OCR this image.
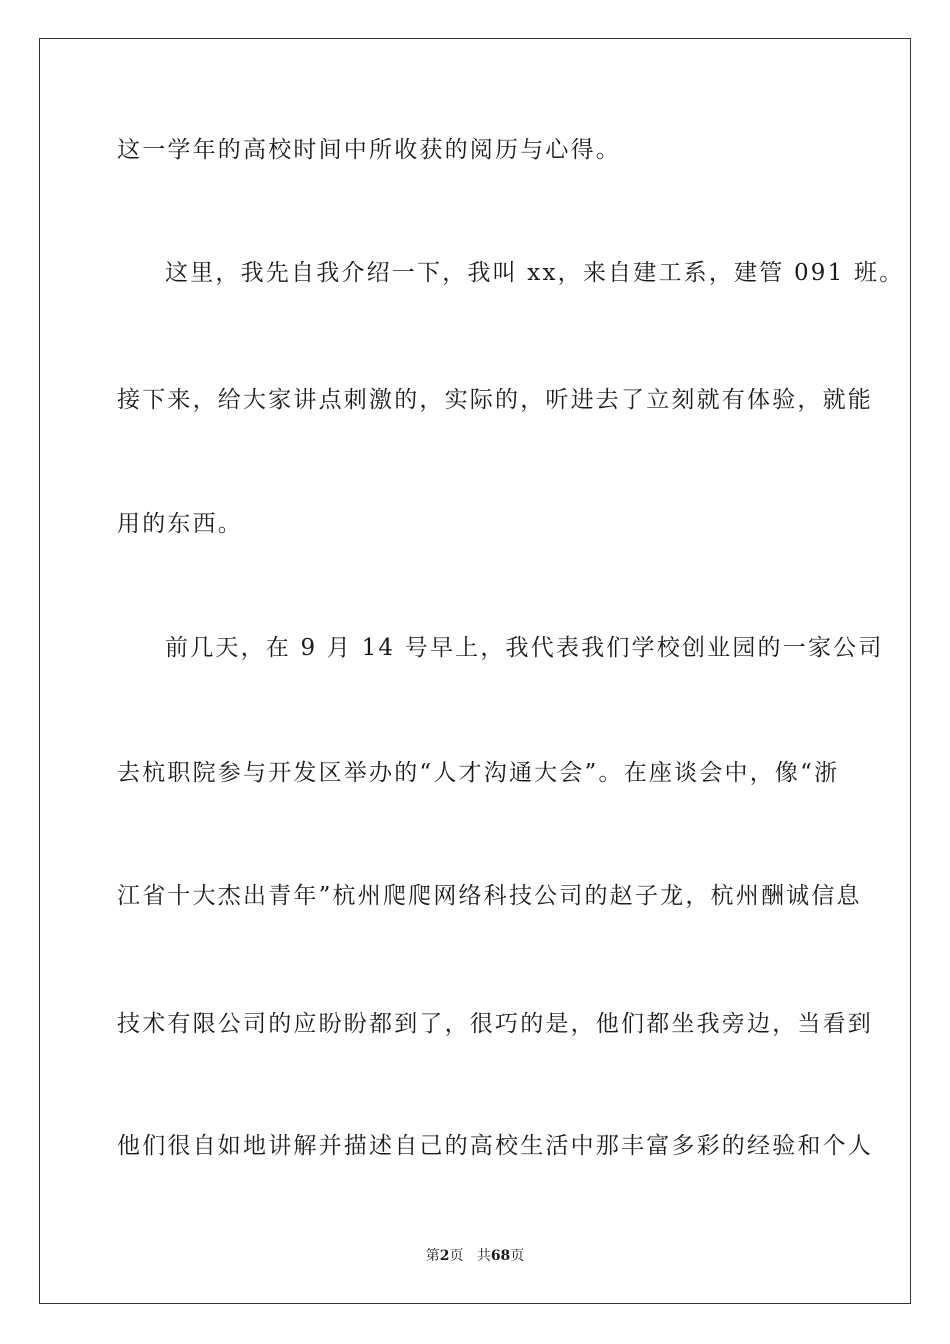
这一学年的高校时间中所收获的阅历与心得。
这里，我先自我介绍一下，我叫 xx，来自建工系，建管 091 班。
接下来，给大家讲点刺激的，实际的，听进去了立刻就有体验，就能
用的东西。
前几天，在 9 月 14 号早上，我代表我们学校创业园的一家公司
去杭职院参与开发区举办的“人才沟通大会”。在座谈会中，像“浙
江省十大杰出青年”杭州爬爬网络科技公司的赵子龙，杭州酬诚信息
技术有限公司的应盼盼都到了，很巧的是，他们都坐我旁边，当看到
他们很自如地讲解并描述自己的高校生活中那丰富多彩的经验和个人
第2页 共68页
